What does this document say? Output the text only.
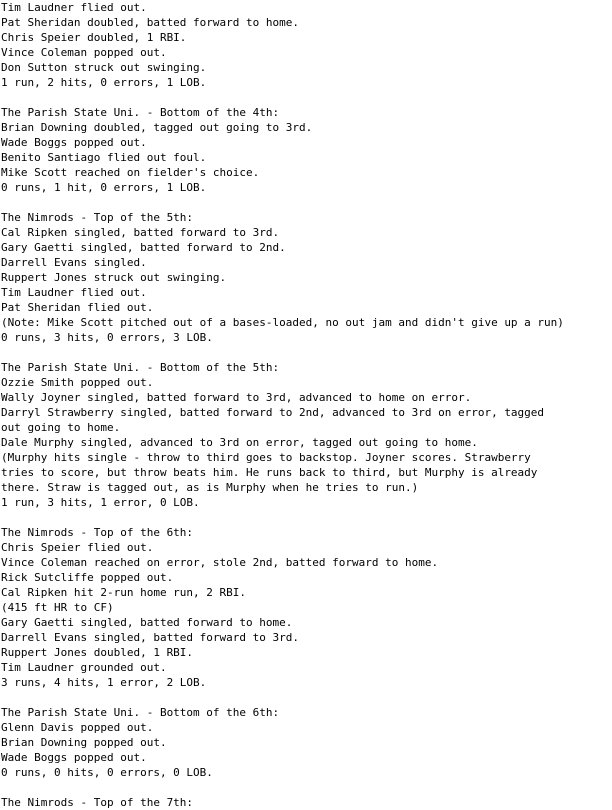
Tim Laudner flied out.
Pat Sheridan doubled, batted forward to home.
Chris Speier doubled, 1 RBI.
Vince Coleman popped out.
Don Sutton struck out swinging.
1 run, 2 hits, 0 errors, 1 LOB.
The Parish State Uni. - Bottom of the 4th:
Brian Downing doubled, tagged out going to 3rd.
Wade Boggs popped out.
Benito Santiago flied out foul.
Mike Scott reached on fielder's choice.
0 runs, 1 hit, 0 errors, 1 LOB.
The Nimrods - Top of the 5th:
Cal Ripken singled, batted forward to 3rd.
Gary Gaetti singled, batted forward to 2nd.
Darrell Evans singled.
Ruppert Jones struck out swinging.
Tim Laudner flied out.
Pat Sheridan flied out.
(Note: Mike Scott pitched out of a bases-loaded, no out jam and didn't give up a run)
0 runs, 3 hits, 0 errors, 3 LOB.
The Parish State Uni. - Bottom of the 5th:
Ozzie Smith popped out.
Wally Joyner singled, batted forward to 3rd, advanced to home on error.
Darryl Strawberry singled, batted forward to 2nd, advanced to 3rd on error, tagged
out going to home.
Dale Murphy singled, advanced to 3rd on error, tagged out going to home.
(Murphy hits single - throw to third goes to backstop. Joyner scores. Strawberry
tries to score, but throw beats him. He runs back to third, but Murphy is already
there. Straw is tagged out, as is Murphy when he tries to run.)
1 run, 3 hits, 1 error, 0 LOB.
The Nimrods - Top of the 6th:
Chris Speier flied out.
Vince Coleman reached on error, stole 2nd, batted forward to home.
Rick Sutcliffe popped out.
Cal Ripken hit 2-run home run, 2 RBI.
(415 ft HR to CF)
Gary Gaetti singled, batted forward to home.
Darrell Evans singled, batted forward to 3rd.
Ruppert Jones doubled, 1 RBI.
Tim Laudner grounded out.
3 runs, 4 hits, 1 error, 2 LOB.
The Parish State Uni. - Bottom of the 6th:
Glenn Davis popped out.
Brian Downing popped out.
Wade Boggs popped out.
0 runs, 0 hits, 0 errors, 0 LOB.
The Nimrods - Top of the 7th:
